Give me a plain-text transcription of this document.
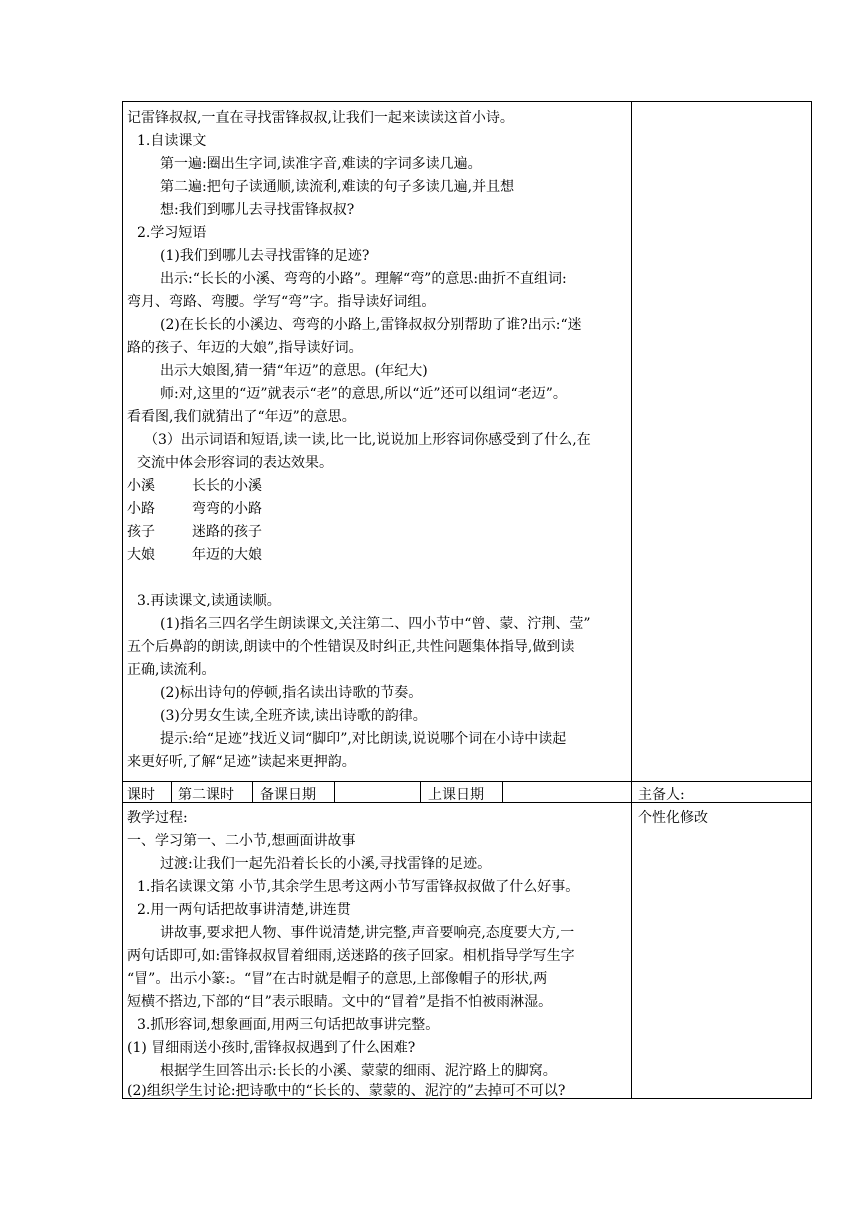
记雷锋叔叔,一直在寻找雷锋叔叔,让我们一起来读读这首小诗。
1.自读课文
第一遍:圈出生字词,读准字音,难读的字词多读几遍。
第二遍:把句子读通顺,读流利,难读的句子多读几遍,并且想
想:我们到哪儿去寻找雷锋叔叔?
2.学习短语
(1)我们到哪儿去寻找雷锋的足迹?
出示:“长长的小溪、弯弯的小路”。理解“弯”的意思:曲折不直组词:
弯月、弯路、弯腰。学写“弯”字。指导读好词组。
(2)在长长的小溪边、弯弯的小路上,雷锋叔叔分别帮助了谁?出示:“迷
路的孩子、年迈的大娘”,指导读好词。
出示大娘图,猜一猜“年迈”的意思。(年纪大)
师:对,这里的“迈”就表示“老”的意思,所以“近”还可以组词“老迈”。
看看图,我们就猜出了“年迈”的意思。
（3）出示词语和短语,读一读,比一比,说说加上形容词你感受到了什么,在
交流中体会形容词的表达效果。
小溪	长长的小溪
小路	弯弯的小路
孩子	迷路的孩子
大娘	年迈的大娘
3.再读课文,读通读顺。
(1)指名三四名学生朗读课文,关注第二、四小节中“曾、蒙、泞荆、莹”
五个后鼻韵的朗读,朗读中的个性错误及时纠正,共性问题集体指导,做到读
正确,读流利。
(2)标出诗句的停顿,指名读出诗歌的节奏。
(3)分男女生读,全班齐读,读出诗歌的韵律。
提示:给“足迹”找近义词“脚印”,对比朗读,说说哪个词在小诗中读起
来更好听,了解“足迹”读起来更押韵。
课时 第二课时 备课日期	上课日期	主备人:
个性化修改
教学过程:
一、学习第一、二小节,想画面讲故事
过渡:让我们一起先沿着长长的小溪,寻找雷锋的足迹。
1.指名读课文第 小节,其余学生思考这两小节写雷锋叔叔做了什么好事。
2.用一两句话把故事讲清楚,讲连贯
讲故事,要求把人物、事件说清楚,讲完整,声音要响亮,态度要大方,一
两句话即可,如:雷锋叔叔冒着细雨,送迷路的孩子回家。相机指导学写生字
“冒”。出示小篆:。“冒”在古时就是帽子的意思,上部像帽子的形状,两
短横不搭边,下部的“目”表示眼睛。文中的“冒着”是指不怕被雨淋湿。
3.抓形容词,想象画面,用两三句话把故事讲完整。
(1) 冒细雨送小孩时,雷锋叔叔遇到了什么困难?
根据学生回答出示:长长的小溪、蒙蒙的细雨、泥泞路上的脚窝。
(2)组织学生讨论:把诗歌中的“长长的、蒙蒙的、泥泞的”去掉可不可以?
